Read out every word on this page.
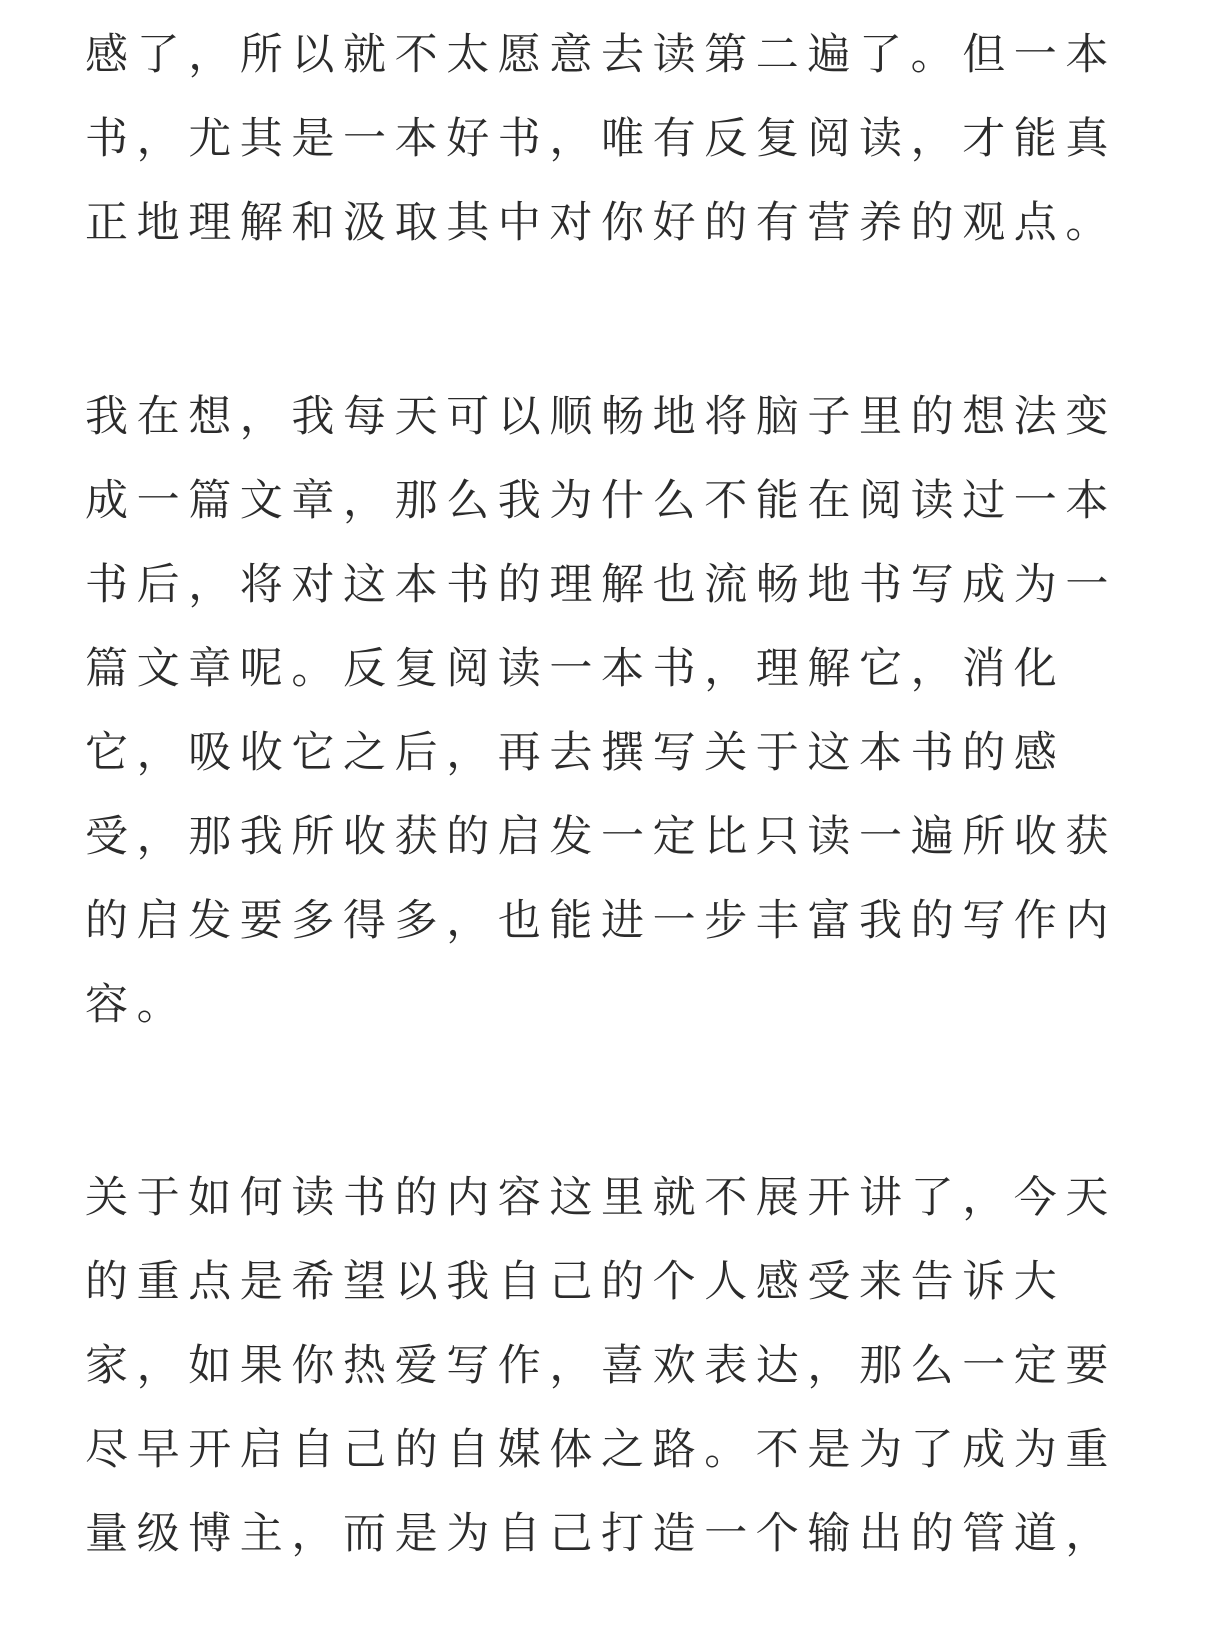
感了，所以就不太愿意去读第二遍了。但一本
书，尤其是一本好书，唯有反复阅读，才能真
正地理解和汲取其中对你好的有营养的观点。
我在想，我每天可以顺畅地将脑子里的想法变
成一篇文章，那么我为什么不能在阅读过一本
书后，将对这本书的理解也流畅地书写成为一
篇文章呢。反复阅读一本书，理解它，消化
它，吸收它之后，再去撰写关于这本书的感
受，那我所收获的启发一定比只读一遍所收获
的启发要多得多，也能进一步丰富我的写作内
容。
关于如何读书的内容这里就不展开讲了，今天
的重点是希望以我自己的个人感受来告诉大
家，如果你热爱写作，喜欢表达，那么一定要
尽早开启自己的自媒体之路。不是为了成为重
量级博主，而是为自己打造一个输出的管道，
